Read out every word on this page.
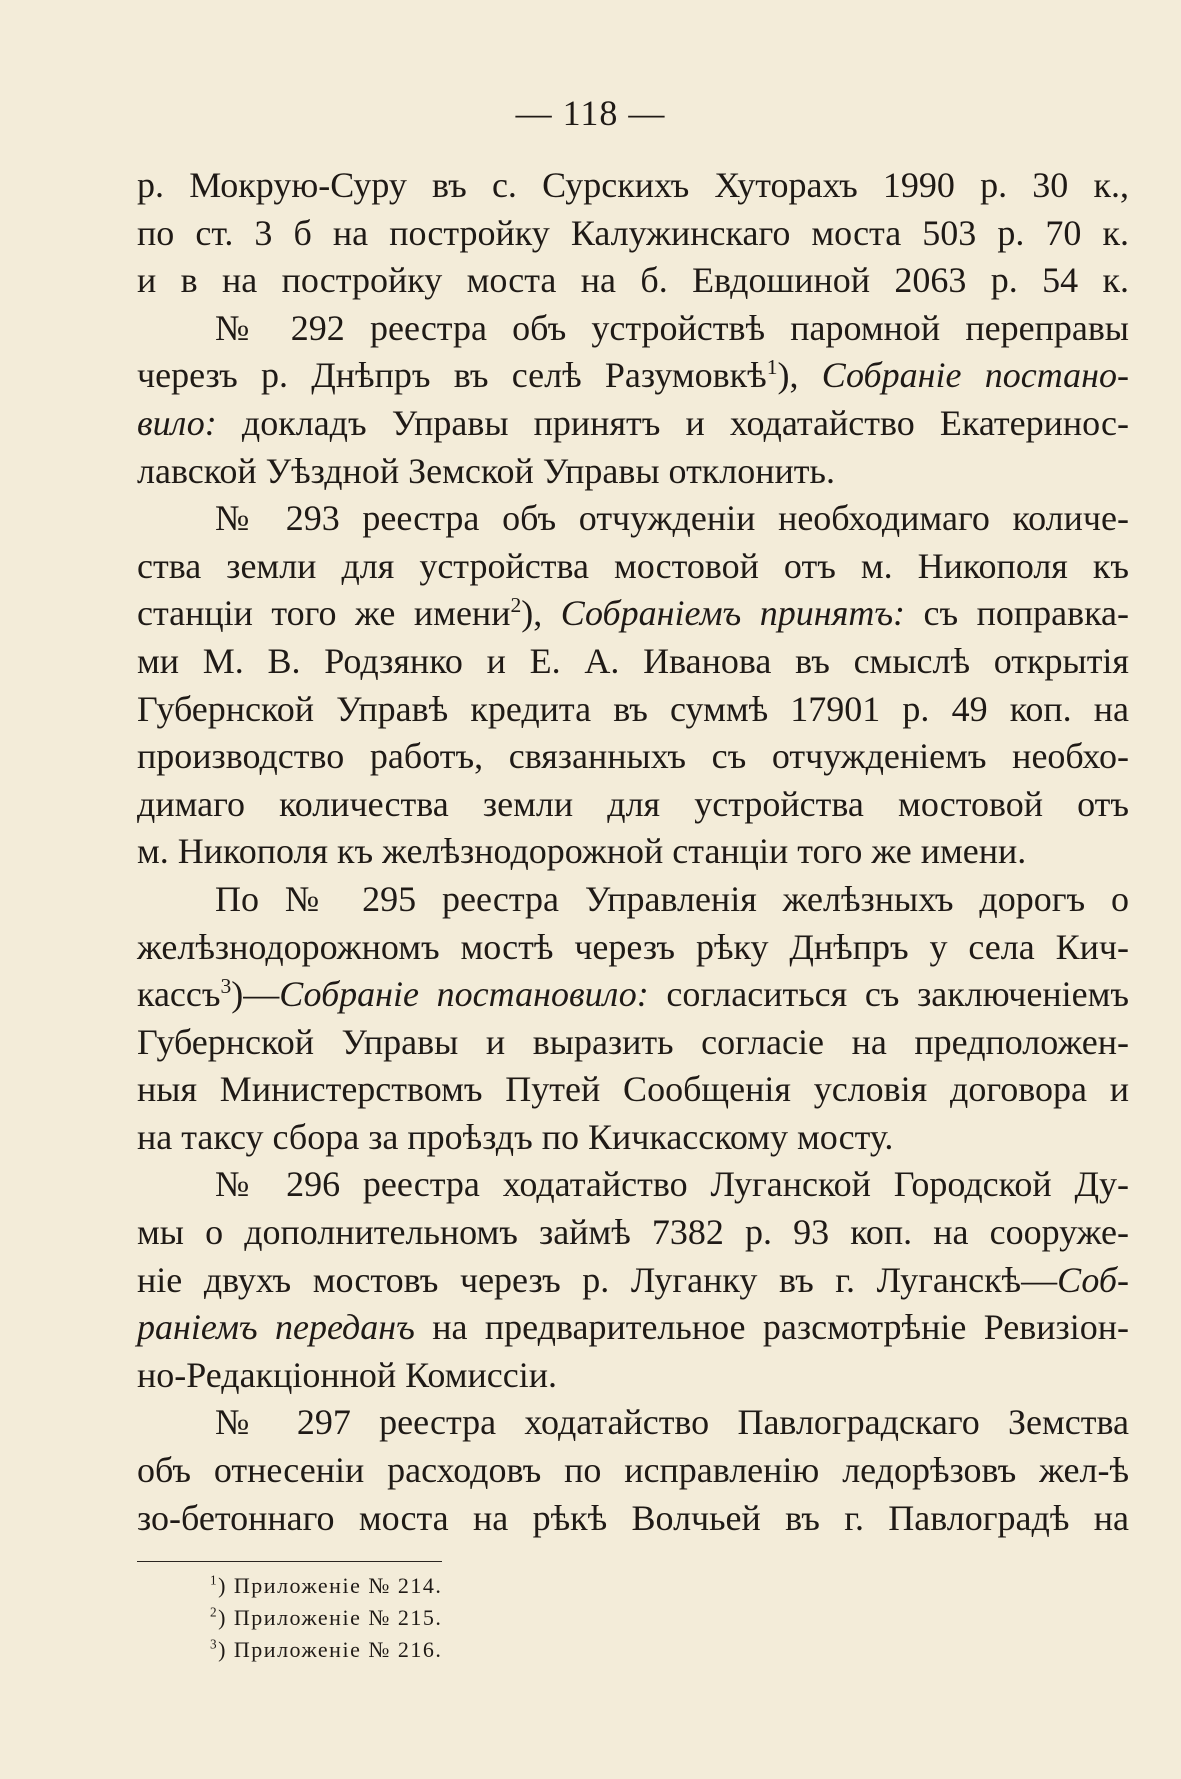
— 118 —
р. Мокрую-Суру въ с. Сурскихъ Хуторахъ 1990 р. 30 к.,
по ст. 3 б на постройку Калужинскаго моста 503 р. 70 к.
и в на постройку моста на б. Евдошиной 2063 р. 54 к.
№ 292 реестра объ устройствѣ паромной переправы
черезъ р. Днѣпръ въ селѣ Разумовкѣ$^1$), Собраніе постано-
вило: докладъ Управы принятъ и ходатайство Екатеринос-
лавской Уѣздной Земской Управы отклонить.
№ 293 реестра объ отчужденіи необходимаго количе-
ства земли для устройства мостовой отъ м. Никополя къ
станціи того же имени$^2$), Собраніемъ принятъ: съ поправка-
ми М. В. Родзянко и Е. А. Иванова въ смыслѣ открытія
Губернской Управѣ кредита въ суммѣ 17901 р. 49 коп. на
производство работъ, связанныхъ съ отчужденіемъ необхо-
димаго количества земли для устройства мостовой отъ
м. Никополя къ желѣзнодорожной станціи того же имени.
По № 295 реестра Управленія желѣзныхъ дорогъ о
желѣзнодорожномъ мостѣ черезъ рѣку Днѣпръ у села Кич-
кассъ$^3$)—Собраніе постановило: согласиться съ заключеніемъ
Губернской Управы и выразить согласіе на предположен-
ныя Министерствомъ Путей Сообщенія условія договора и
на таксу сбора за проѣздъ по Кичкасскому мосту.
№ 296 реестра ходатайство Луганской Городской Ду-
мы о дополнительномъ займѣ 7382 р. 93 коп. на сооруже-
ніе двухъ мостовъ черезъ р. Луганку въ г. Луганскѣ—Соб-
раніемъ переданъ на предварительное разсмотрѣніе Ревизіон-
но-Редакціонной Комиссіи.
№ 297 реестра ходатайство Павлоградскаго Земства
объ отнесеніи расходовъ по исправленію ледорѣзовъ жел-ѣ
зо-бетоннаго моста на рѣкѣ Волчьей въ г. Павлоградѣ на
$^1$) Приложеніе № 214.
$^2$) Приложеніе № 215.
$^3$) Приложеніе № 216.
